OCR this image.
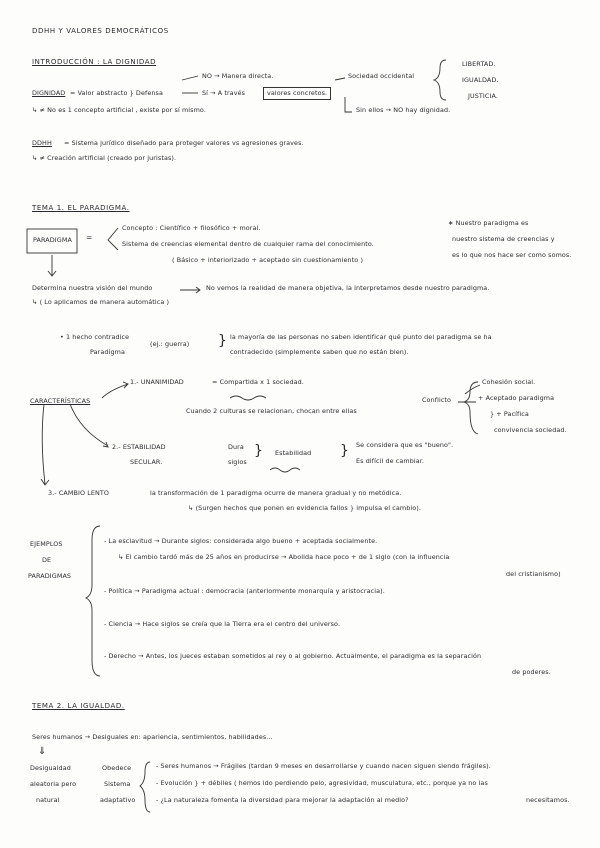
DDHH Y VALORES DEMOCRÁTICOS
INTRODUCCIÓN : LA DIGNIDAD
NO → Manera directa.	Sociedad occidental
LIBERTAD.
IGUALDAD.
JUSTICIA.
DIGNIDAD = Valor abstracto } Defensa	Sí → A través	valores concretos.
↳ ≠ No es 1 concepto artificial , existe por sí mismo.	Sin ellos → NO hay dignidad.
DDHH = Sistema jurídico diseñado para proteger valores vs agresiones graves.
↳ ≠ Creación artificial (creado por juristas).
TEMA 1. EL PARADIGMA.
PARADIGMA =
Concepto : Científico + filosófico + moral.
Sistema de creencias elemental dentro de cualquier rama del conocimiento.
( Básico + interiorizado + aceptado sin cuestionamiento )
∗ Nuestro paradigma es
nuestro sistema de creencias y
es lo que nos hace ser como somos.
Determina nuestra visión del mundo	No vemos la realidad de manera objetiva, la interpretamos desde nuestro paradigma.
↳ ( Lo aplicamos de manera automática )
• 1 hecho contradice
Paradigma
(ej.: guerra) } la mayoría de las personas no saben identificar qué punto del paradigma se ha
contradecido (simplemente saben que no están bien).
CARACTERÍSTICAS
1.- UNANIMIDAD	= Compartida x 1 sociedad.
Conflicto
Cohesión social.
+ Aceptado paradigma
} + Pacífica
convivencia sociedad.
Cuando 2 culturas se relacionan, chocan entre ellas
2.- ESTABILIDAD
SECULAR.
Dura
siglos
} Estabilidad } Se considera que es "bueno".
Es difícil de cambiar.
3.- CAMBIO LENTO	la transformación de 1 paradigma ocurre de manera gradual y no metódica.
↳ (Surgen hechos que ponen en evidencia fallos } impulsa el cambio).
EJEMPLOS
DE
PARADIGMAS
- La esclavitud → Durante siglos: considerada algo bueno + aceptada socialmente.
↳ El cambio tardó más de 25 años en producirse → Abolida hace poco + de 1 siglo (con la influencia
del cristianismo)
- Política → Paradigma actual : democracia (anteriormente monarquía y aristocracia).
- Ciencia → Hace siglos se creía que la Tierra era el centro del universo.
- Derecho → Antes, los jueces estaban sometidos al rey o al gobierno. Actualmente, el paradigma es la separación
de poderes.
TEMA 2. LA IGUALDAD.
Seres humanos → Desiguales en: apariencia, sentimientos, habilidades...
⇓
Desigualdad
aleatoria pero
natural
Obedece
Sistema
adaptativo
- Seres humanos → Frágiles (tardan 9 meses en desarrollarse y cuando nacen siguen siendo frágiles).
- Evolución } + débiles ( hemos ido perdiendo pelo, agresividad, musculatura, etc., porque ya no las
- ¿La naturaleza fomenta la diversidad para mejorar la adaptación al medio?	necesitamos.
